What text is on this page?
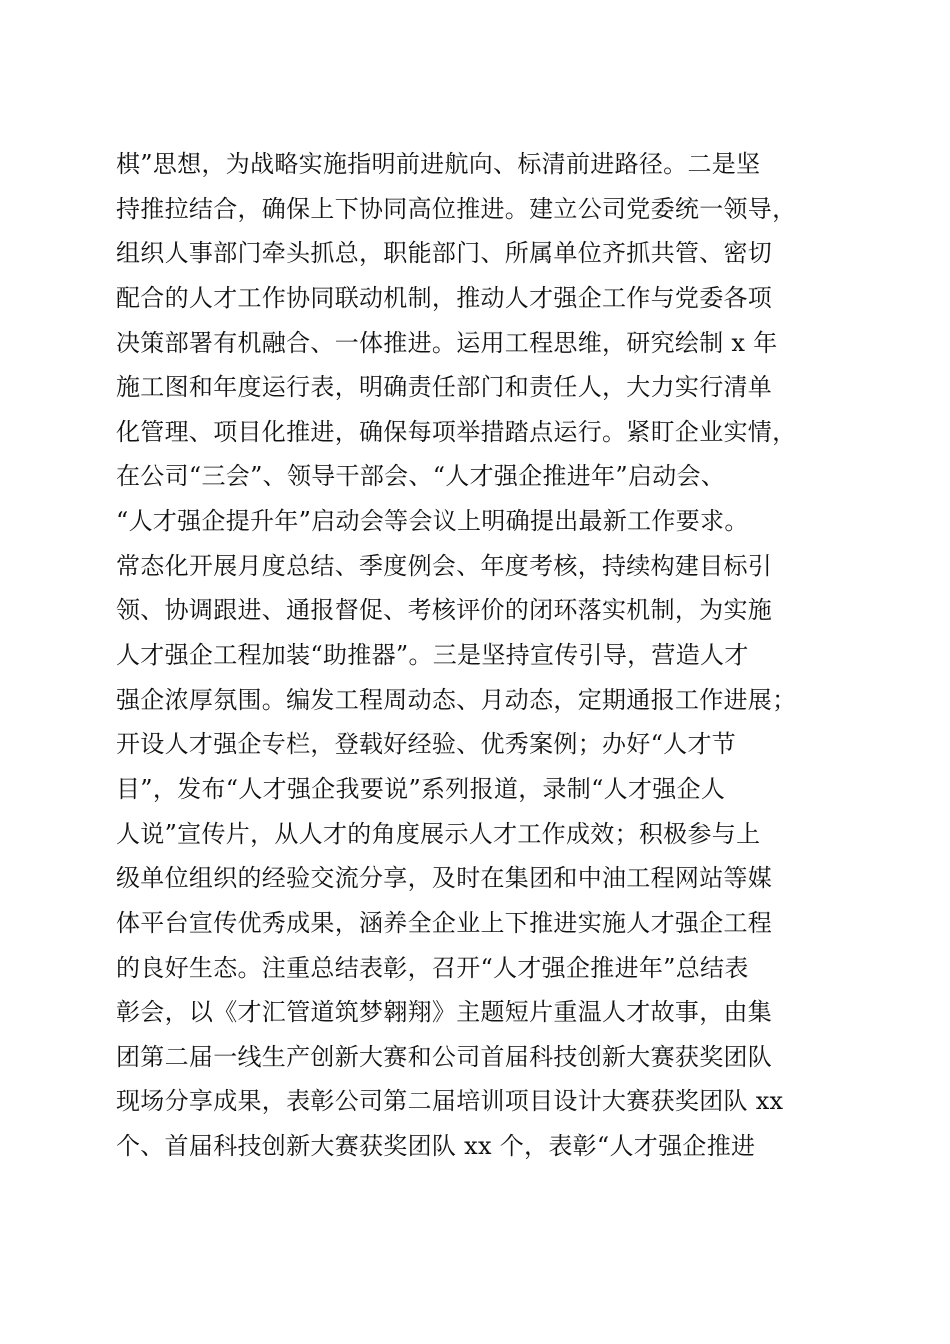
棋”思想，为战略实施指明前进航向、标清前进路径。二是坚
持推拉结合，确保上下协同高位推进。建立公司党委统一领导，
组织人事部门牵头抓总，职能部门、所属单位齐抓共管、密切
配合的人才工作协同联动机制，推动人才强企工作与党委各项
决策部署有机融合、一体推进。运用工程思维，研究绘制 x 年
施工图和年度运行表，明确责任部门和责任人，大力实行清单
化管理、项目化推进，确保每项举措踏点运行。紧盯企业实情，
在公司“三会”、领导干部会、“人才强企推进年”启动会、
“人才强企提升年”启动会等会议上明确提出最新工作要求。
常态化开展月度总结、季度例会、年度考核，持续构建目标引
领、协调跟进、通报督促、考核评价的闭环落实机制，为实施
人才强企工程加装“助推器”。三是坚持宣传引导，营造人才
强企浓厚氛围。编发工程周动态、月动态，定期通报工作进展；
开设人才强企专栏，登载好经验、优秀案例；办好“人才节
目”，发布“人才强企我要说”系列报道，录制“人才强企人
人说”宣传片，从人才的角度展示人才工作成效；积极参与上
级单位组织的经验交流分享，及时在集团和中油工程网站等媒
体平台宣传优秀成果，涵养全企业上下推进实施人才强企工程
的良好生态。注重总结表彰，召开“人才强企推进年”总结表
彰会，以《才汇管道筑梦翱翔》主题短片重温人才故事，由集
团第二届一线生产创新大赛和公司首届科技创新大赛获奖团队
现场分享成果，表彰公司第二届培训项目设计大赛获奖团队 xx
个、首届科技创新大赛获奖团队 xx 个，表彰“人才强企推进
